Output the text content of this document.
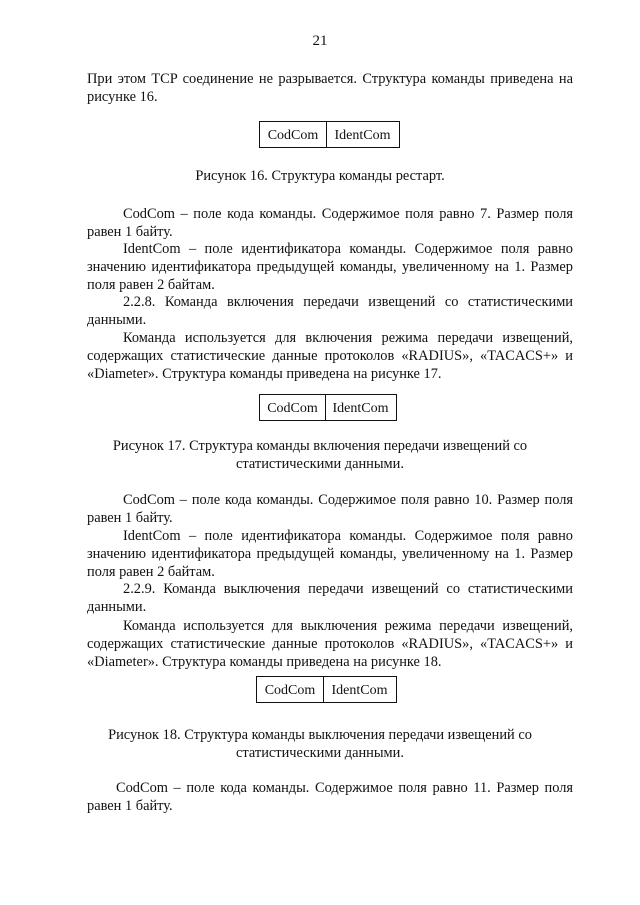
21
При этом TCP соединение не разрывается. Структура команды приведена на
рисунке 16.
CodCom	IdentCom
Рисунок 16. Структура команды рестарт.
CodCom – поле кода команды. Содержимое поля равно 7. Размер поля
равен 1 байту.
IdentCom – поле идентификатора команды. Содержимое поля равно
значению идентификатора предыдущей команды, увеличенному на 1. Размер
поля равен 2 байтам.
2.2.8. Команда включения передачи извещений со статистическими
данными.
Команда используется для включения режима передачи извещений,
содержащих статистические данные протоколов «RADIUS», «TACACS+» и
«Diameter». Структура команды приведена на рисунке 17.
CodCom	IdentCom
Рисунок 17. Структура команды включения передачи извещений со
статистическими данными.
CodCom – поле кода команды. Содержимое поля равно 10. Размер поля
равен 1 байту.
IdentCom – поле идентификатора команды. Содержимое поля равно
значению идентификатора предыдущей команды, увеличенному на 1. Размер
поля равен 2 байтам.
2.2.9. Команда выключения передачи извещений со статистическими
данными.
Команда используется для выключения режима передачи извещений,
содержащих статистические данные протоколов «RADIUS», «TACACS+» и
«Diameter». Структура команды приведена на рисунке 18.
CodCom	IdentCom
Рисунок 18. Структура команды выключения передачи извещений со
статистическими данными.
CodCom – поле кода команды. Содержимое поля равно 11. Размер поля
равен 1 байту.
